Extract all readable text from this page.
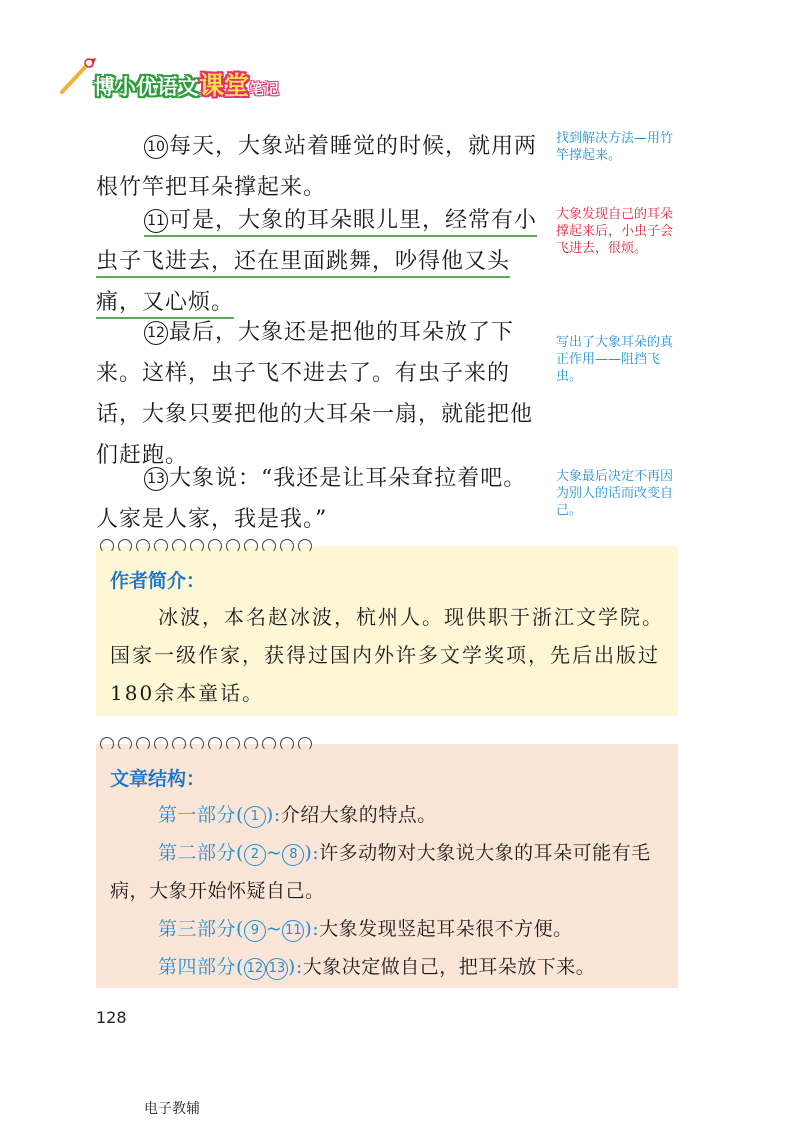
博小优语文课堂笔记
10 每天，大象站着睡觉的时候，就用两根竹竿把耳朵撑起来。
找到解决方法—用竹竿撑起来。
11 可是，大象的耳朵眼儿里，经常有小虫子飞进去，还在里面跳舞，吵得他又头痛，又心烦。
大象发现自己的耳朵撑起来后，小虫子会飞进去，很烦。
12 最后，大象还是把他的耳朵放了下来。这样，虫子飞不进去了。有虫子来的话，大象只要把他的大耳朵一扇，就能把他们赶跑。
写出了大象耳朵的真正作用——阻挡飞虫。
13 大象说：“我还是让耳朵耷拉着吧。人家是人家，我是我。”
大象最后决定不再因为别人的话而改变自己。
作者简介：
冰波，本名赵冰波，杭州人。现供职于浙江文学院。国家一级作家，获得过国内外许多文学奖项，先后出版过180余本童话。
文章结构：
第一部分( 1 ):介绍大象的特点。
第二部分( 2 ~ 8 ):许多动物对大象说大象的耳朵可能有毛病，大象开始怀疑自己。
第三部分( 9 ~ 11 ):大象发现竖起耳朵很不方便。
第四部分( 12 13 ):大象决定做自己，把耳朵放下来。
128
电子教辅
